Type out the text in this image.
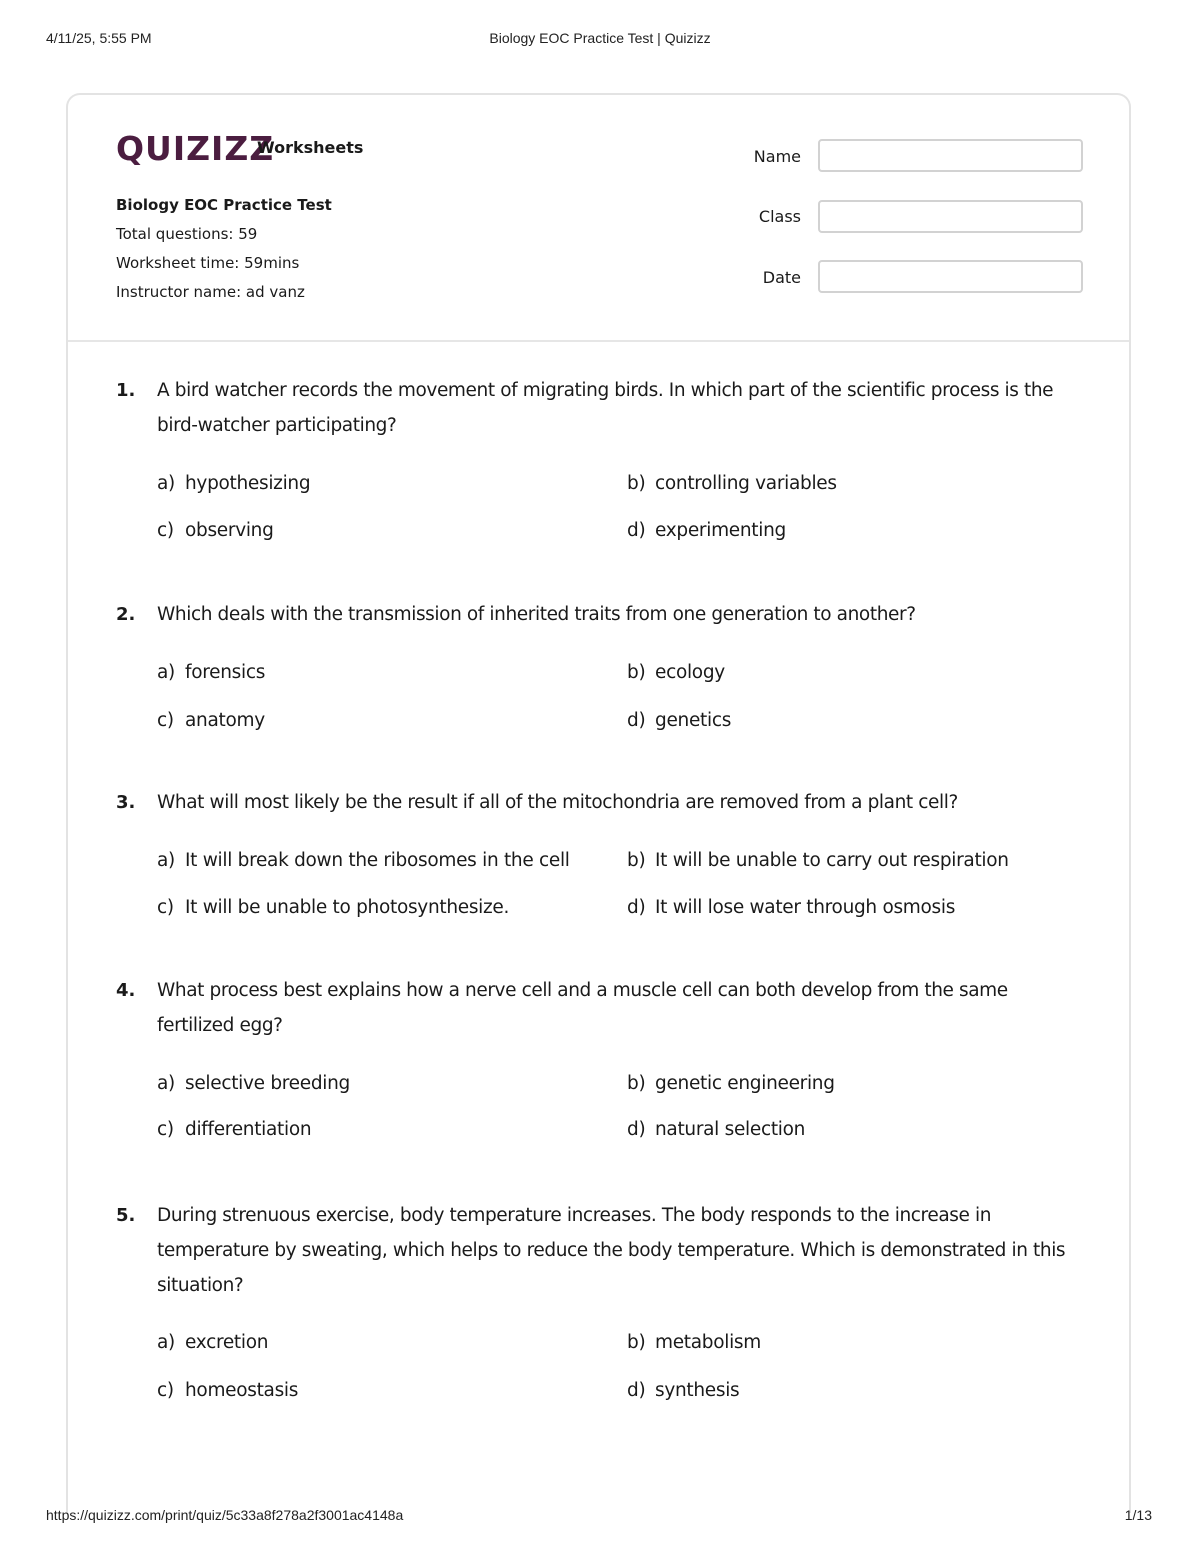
4/11/25, 5:55 PM	Biology EOC Practice Test | Quizizz
QUIZIZZ
Worksheets
Biology EOC Practice Test
Total questions: 59
Worksheet time: 59mins
Instructor name: ad vanz
Name
Class
Date
1. A bird watcher records the movement of migrating birds. In which part of the scientific process is the bird-watcher participating?
a) hypothesizing	b) controlling variables
c) observing	d) experimenting
2. Which deals with the transmission of inherited traits from one generation to another?
a) forensics	b) ecology
c) anatomy	d) genetics
3. What will most likely be the result if all of the mitochondria are removed from a plant cell?
a) It will break down the ribosomes in the cell	b) It will be unable to carry out respiration
c) It will be unable to photosynthesize.	d) It will lose water through osmosis
4. What process best explains how a nerve cell and a muscle cell can both develop from the same fertilized egg?
a) selective breeding	b) genetic engineering
c) differentiation	d) natural selection
5. During strenuous exercise, body temperature increases. The body responds to the increase in temperature by sweating, which helps to reduce the body temperature. Which is demonstrated in this situation?
a) excretion	b) metabolism
c) homeostasis	d) synthesis
https://quizizz.com/print/quiz/5c33a8f278a2f3001ac4148a	1/13
